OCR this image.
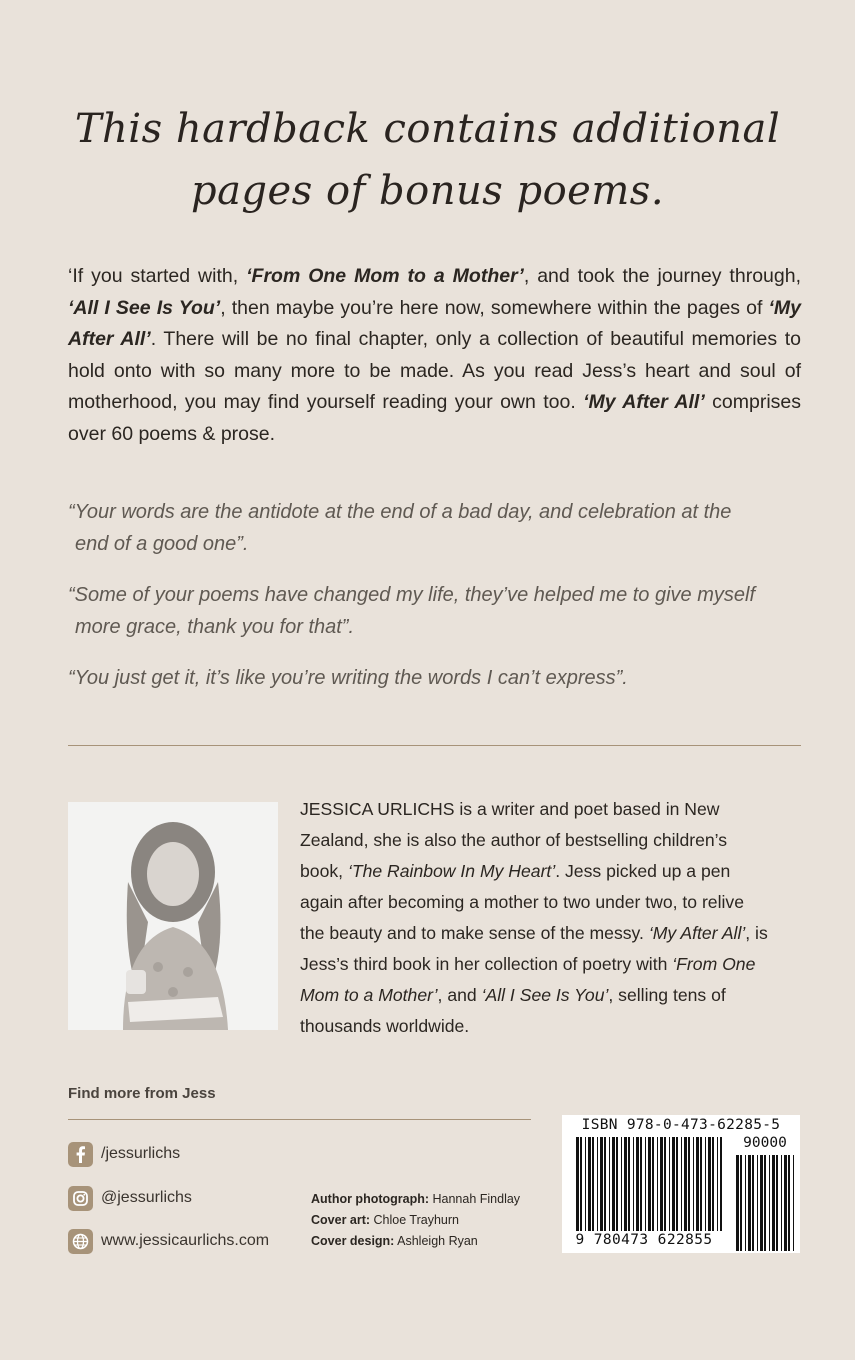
This hardback contains additional
pages of bonus poems.
‘If you started with, ‘From One Mom to a Mother’, and took the journey through, ‘All I See Is You’, then maybe you’re here now, somewhere within the pages of ‘My After All’. There will be no final chapter, only a collection of beautiful memories to hold onto with so many more to be made. As you read Jess’s heart and soul of motherhood, you may find yourself reading your own too. ‘My After All’ comprises over 60 poems & prose.
“Your words are the antidote at the end of a bad day, and celebration at the
end of a good one”.
“Some of your poems have changed my life, they’ve helped me to give myself
more grace, thank you for that”.
“You just get it, it’s like you’re writing the words I can’t express”.
JESSICA URLICHS is a writer and poet based in New Zealand, she is also the author of bestselling children’s book, ‘The Rainbow In My Heart’. Jess picked up a pen again after becoming a mother to two under two, to relive the beauty and to make sense of the messy. ‘My After All’, is Jess’s third book in her collection of poetry with ‘From One Mom to a Mother’, and ‘All I See Is You’, selling tens of thousands worldwide.
Find more from Jess
/jessurlichs
@jessurlichs
www.jessicaurlichs.com
Author photograph: Hannah Findlay
Cover art: Chloe Trayhurn
Cover design: Ashleigh Ryan
ISBN 978-0-473-62285-5
90000
9 780473 622855
